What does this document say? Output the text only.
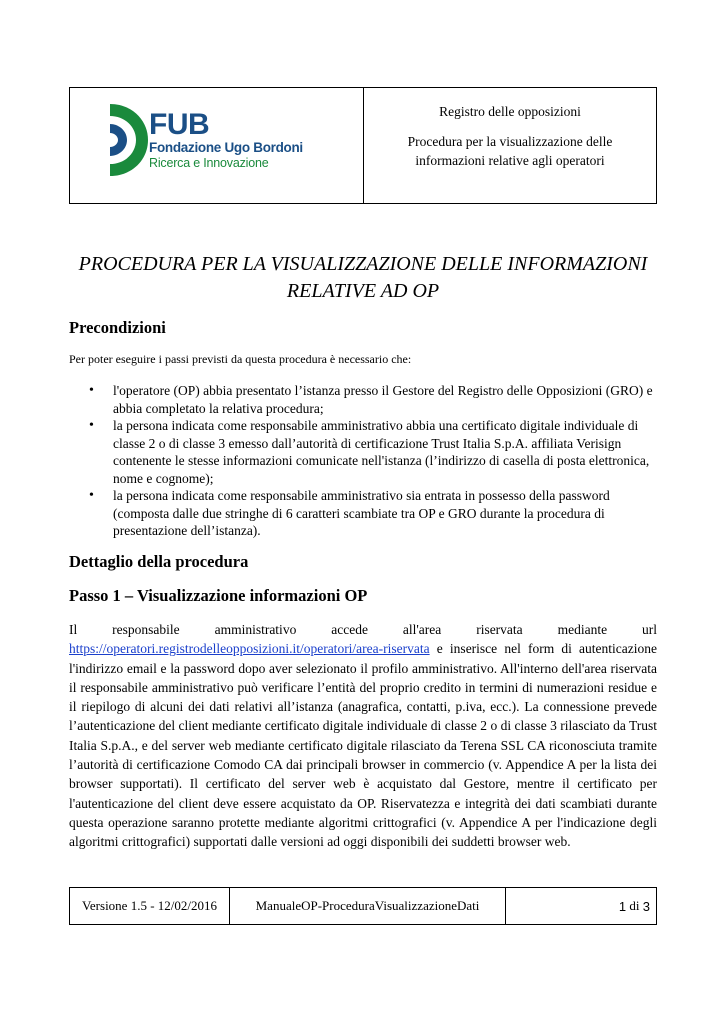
FUB
Fondazione Ugo Bordoni
Ricerca e Innovazione
Registro delle opposizioni
Procedura per la visualizzazione delle informazioni relative agli operatori
PROCEDURA PER LA VISUALIZZAZIONE DELLE INFORMAZIONI RELATIVE AD OP
Precondizioni
Per poter eseguire i passi previsti da questa procedura è necessario che:
• l'operatore (OP) abbia presentato l’istanza presso il Gestore del Registro delle Opposizioni (GRO) e abbia completato la relativa procedura;
• la persona indicata come responsabile amministrativo abbia una certificato digitale individuale di classe 2 o di classe 3 emesso dall’autorità di certificazione Trust Italia S.p.A. affiliata Verisign contenente le stesse informazioni comunicate nell'istanza (l’indirizzo di casella di posta elettronica, nome e cognome);
• la persona indicata come responsabile amministrativo sia entrata in possesso della password (composta dalle due stringhe di 6 caratteri scambiate tra OP e GRO durante la procedura di presentazione dell’istanza).
Dettaglio della procedura
Passo 1 – Visualizzazione informazioni OP
Il responsabile amministrativo accede all'area riservata mediante url
https://operatori.registrodelleopposizioni.it/operatori/area-riservata e inserisce nel form di autenticazione l'indirizzo email e la password dopo aver selezionato il profilo amministrativo. All'interno dell'area riservata il responsabile amministrativo può verificare l’entità del proprio credito in termini di numerazioni residue e il riepilogo di alcuni dei dati relativi all’istanza (anagrafica, contatti, p.iva, ecc.). La connessione prevede l’autenticazione del client mediante certificato digitale individuale di classe 2 o di classe 3 rilasciato da Trust Italia S.p.A., e del server web mediante certificato digitale rilasciato da Terena SSL CA riconosciuta tramite l’autorità di certificazione Comodo CA dai principali browser in commercio (v. Appendice A per la lista dei browser supportati). Il certificato del server web è acquistato dal Gestore, mentre il certificato per l'autenticazione del client deve essere acquistato da OP. Riservatezza e integrità dei dati scambiati durante questa operazione saranno protette mediante algoritmi crittografici (v. Appendice A per l'indicazione degli algoritmi crittografici) supportati dalle versioni ad oggi disponibili dei suddetti browser web.
Versione 1.5 - 12/02/2016	ManualeOP-ProceduraVisualizzazioneDati	1 di 3
